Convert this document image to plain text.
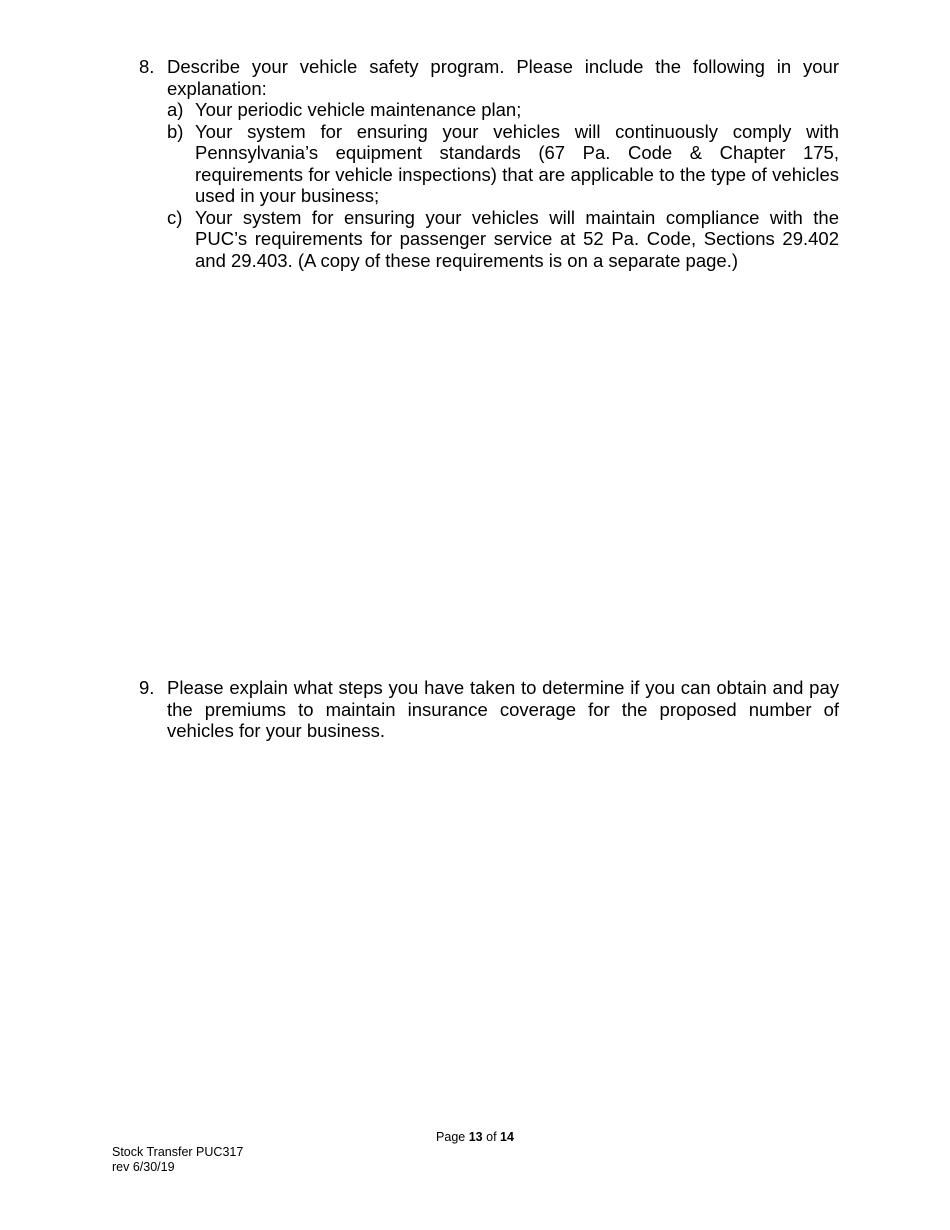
8. Describe your vehicle safety program. Please include the following in your explanation:
a) Your periodic vehicle maintenance plan;
b) Your system for ensuring your vehicles will continuously comply with Pennsylvania’s equipment standards (67 Pa. Code & Chapter 175, requirements for vehicle inspections) that are applicable to the type of vehicles used in your business;
c) Your system for ensuring your vehicles will maintain compliance with the PUC’s requirements for passenger service at 52 Pa. Code, Sections 29.402 and 29.403. (A copy of these requirements is on a separate page.)
9. Please explain what steps you have taken to determine if you can obtain and pay the premiums to maintain insurance coverage for the proposed number of vehicles for your business.
Page 13 of 14
Stock Transfer PUC317
rev 6/30/19
